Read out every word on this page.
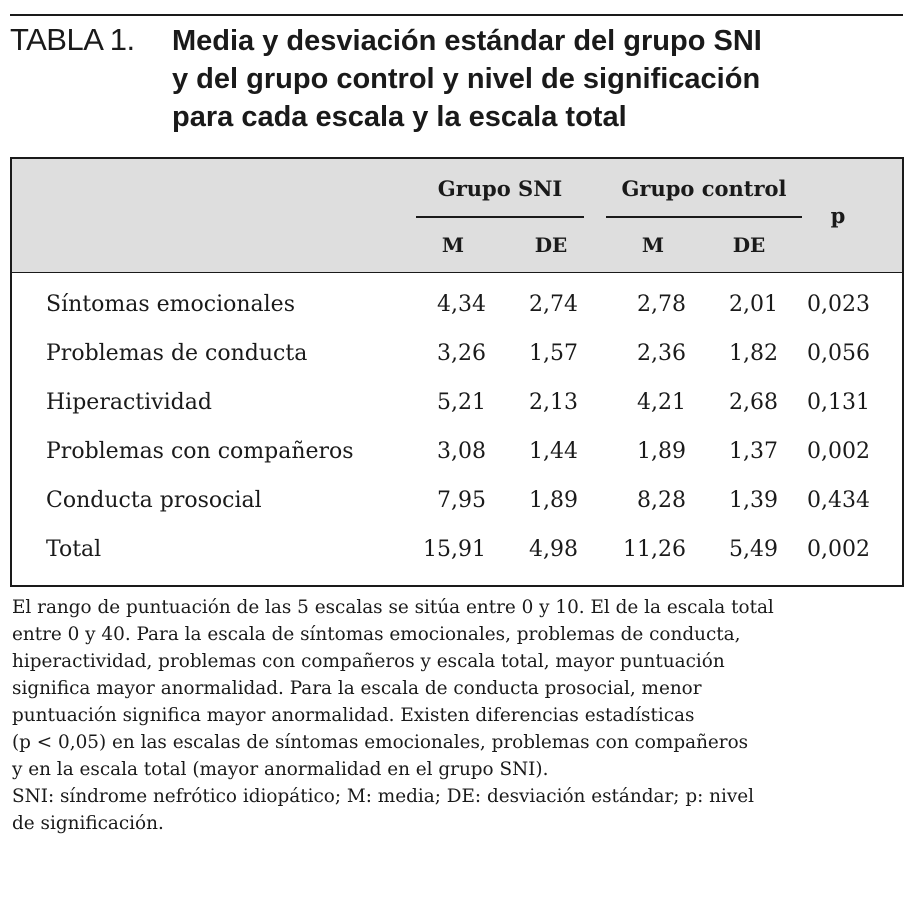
TABLA 1. Media y desviación estándar del grupo SNI
y del grupo control y nivel de significación
para cada escala y la escala total
Grupo SNI	Grupo control
p
M	DE	M	DE
Síntomas emocionales	4,34	2,74	2,78	2,01	0,023
Problemas de conducta	3,26	1,57	2,36	1,82	0,056
Hiperactividad	5,21	2,13	4,21	2,68	0,131
Problemas con compañeros	3,08	1,44	1,89	1,37	0,002
Conducta prosocial	7,95	1,89	8,28	1,39	0,434
Total	15,91	4,98	11,26	5,49	0,002
El rango de puntuación de las 5 escalas se sitúa entre 0 y 10. El de la escala total
entre 0 y 40. Para la escala de síntomas emocionales, problemas de conducta,
hiperactividad, problemas con compañeros y escala total, mayor puntuación
significa mayor anormalidad. Para la escala de conducta prosocial, menor
puntuación significa mayor anormalidad. Existen diferencias estadísticas
(p < 0,05) en las escalas de síntomas emocionales, problemas con compañeros
y en la escala total (mayor anormalidad en el grupo SNI).
SNI: síndrome nefrótico idiopático; M: media; DE: desviación estándar; p: nivel
de significación.
